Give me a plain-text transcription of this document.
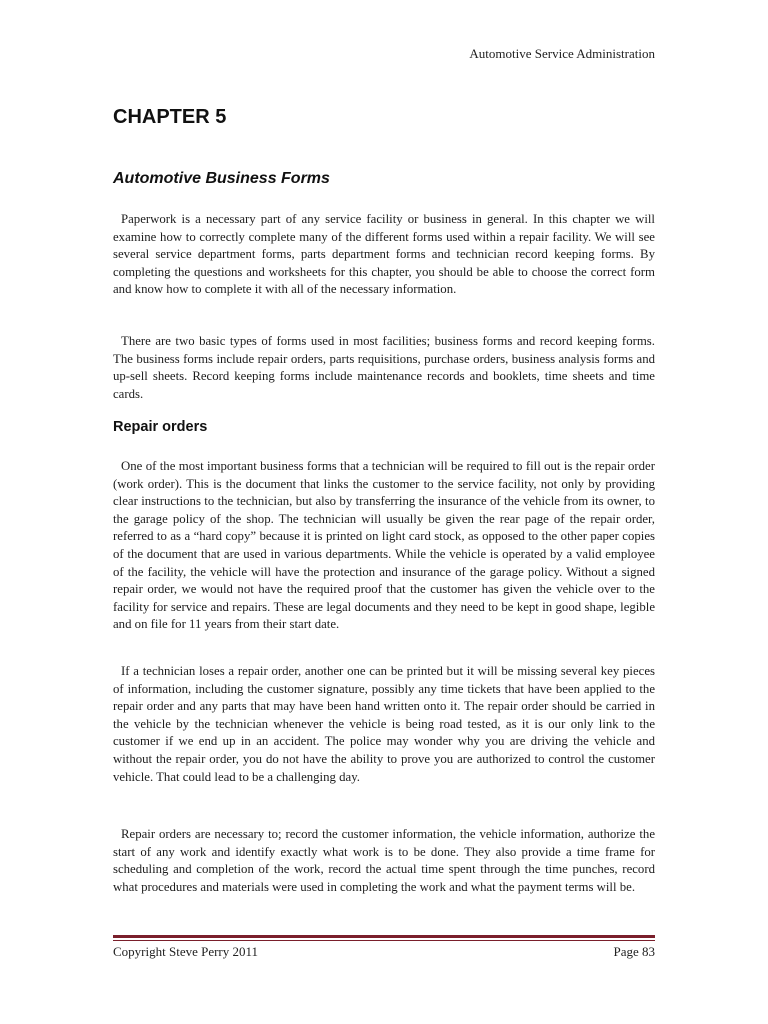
Automotive Service Administration
CHAPTER 5
Automotive Business Forms

Paperwork is a necessary part of any service facility or business in general. In this chapter we will examine how to correctly complete many of the different forms used within a repair facility. We will see several service department forms, parts department forms and technician record keeping forms. By completing the questions and worksheets for this chapter, you should be able to choose the correct form and know how to complete it with all of the necessary information.

There are two basic types of forms used in most facilities; business forms and record keeping forms. The business forms include repair orders, parts requisitions, purchase orders, business analysis forms and up-sell sheets. Record keeping forms include maintenance records and booklets, time sheets and time cards.

Repair orders

One of the most important business forms that a technician will be required to fill out is the repair order (work order). This is the document that links the customer to the service facility, not only by providing clear instructions to the technician, but also by transferring the insurance of the vehicle from its owner, to the garage policy of the shop. The technician will usually be given the rear page of the repair order, referred to as a “hard copy” because it is printed on light card stock, as opposed to the other paper copies of the document that are used in various departments. While the vehicle is operated by a valid employee of the facility, the vehicle will have the protection and insurance of the garage policy. Without a signed repair order, we would not have the required proof that the customer has given the vehicle over to the facility for service and repairs. These are legal documents and they need to be kept in good shape, legible and on file for 11 years from their start date.

If a technician loses a repair order, another one can be printed but it will be missing several key pieces of information, including the customer signature, possibly any time tickets that have been applied to the repair order and any parts that may have been hand written onto it. The repair order should be carried in the vehicle by the technician whenever the vehicle is being road tested, as it is our only link to the customer if we end up in an accident. The police may wonder why you are driving the vehicle and without the repair order, you do not have the ability to prove you are authorized to control the customer vehicle. That could lead to be a challenging day.

Repair orders are necessary to; record the customer information, the vehicle information, authorize the start of any work and identify exactly what work is to be done. They also provide a time frame for scheduling and completion of the work, record the actual time spent through the time punches, record what procedures and materials were used in completing the work and what the payment terms will be.

Copyright Steve Perry 2011	Page 83
